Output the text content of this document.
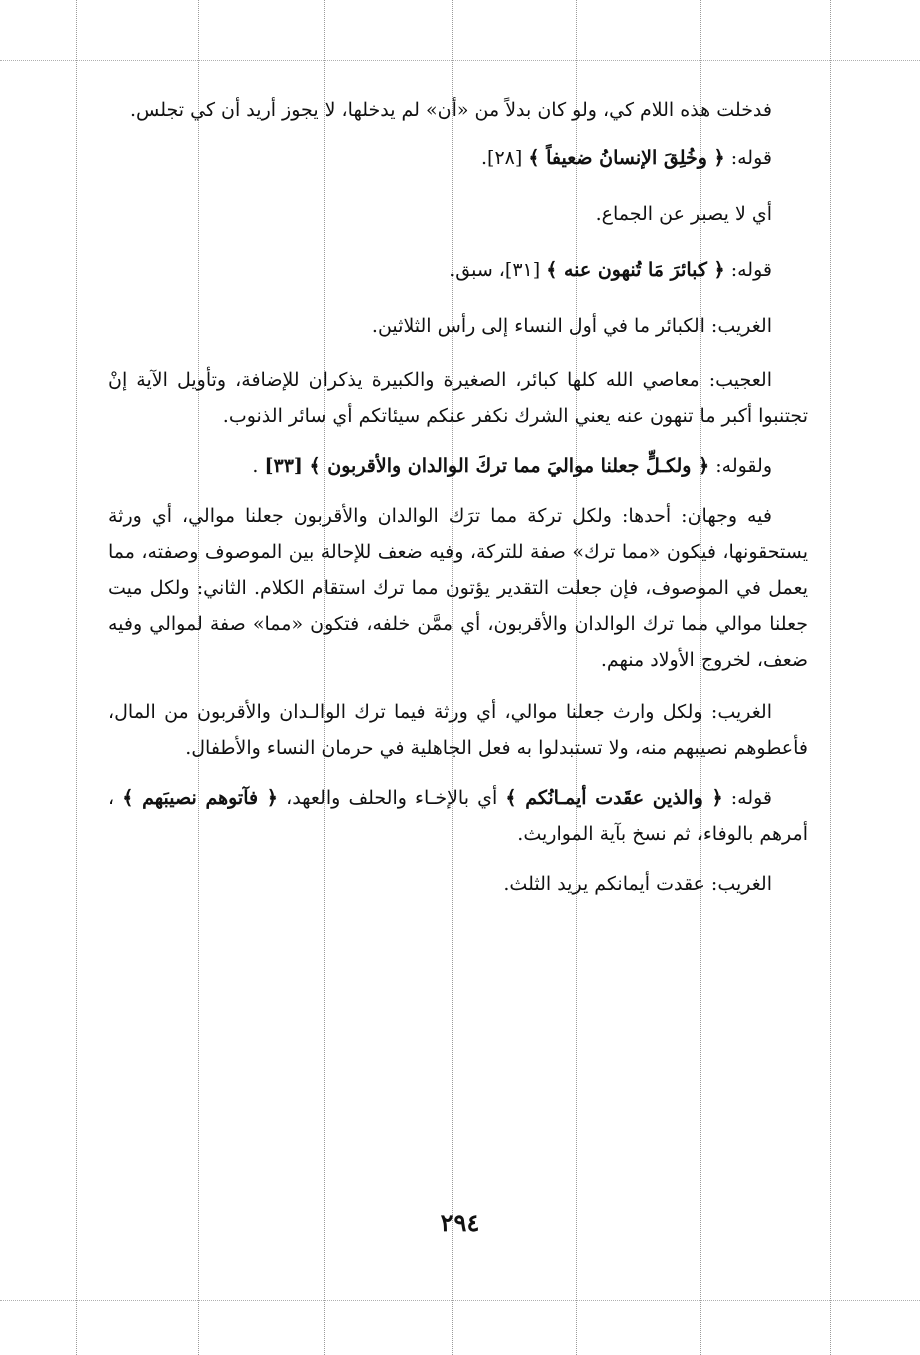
فدخلت هذه اللام كي، ولو كان بدلاً من «أن» لم يدخلها، لا يجوز أريد أن كي تجلس.

قوله: ﴿ وخُلِقَ الإنسانُ ضعيفاً ﴾ [٢٨].

أي لا يصبر عن الجماع.

قوله: ﴿ كبائرَ مَا تُنهون عنه ﴾ [٣١]، سبق.

الغريب: الكبائر ما في أول النساء إلى رأس الثلاثين.

العجيب: معاصي الله كلها كبائر، الصغيرة والكبيرة يذكران للإضافة، وتأويل الآية إنْ تجتنبوا أكبر ما تنهون عنه يعني الشرك نكفر عنكم سيئاتكم أي سائر الذنوب.

ولقوله: ﴿ ولكـلٍّ جعلنا مواليَ مما تركَ الوالدان والأقربون ﴾ [٣٣] .

فيه وجهان: أحدها: ولكل تركة مما ترَك الوالدان والأقربون جعلنا موالي، أي ورثة يستحقونها، فيكون «مما ترك» صفة للتركة، وفيه ضعف للإحالة بين الموصوف وصفته، مما يعمل في الموصوف، فإن جعلت التقدير يؤتون مما ترك استقام الكلام. الثاني: ولكل ميت جعلنا موالي مما ترك الوالدان والأقربون، أي ممَّن خلفه، فتكون «مما» صفة لموالي وفيه ضعف، لخروج الأولاد منهم.

الغريب: ولكل وارث جعلنا موالي، أي ورثة فيما ترك الوالـدان والأقربون من المال، فأعطوهم نصيبهم منه، ولا تستبدلوا به فعل الجاهلية في حرمان النساء والأطفال.

قوله: ﴿ والذين عقَدت أيمـانُكم ﴾ أي بالإخـاء والحلف والعهد، ﴿ فآتوهم نصيبَهم ﴾ ، أمرهم بالوفاء، ثم نسخ بآية المواريث.

الغريب: عقدت أيمانكم يريد الثلث.

٢٩٤
